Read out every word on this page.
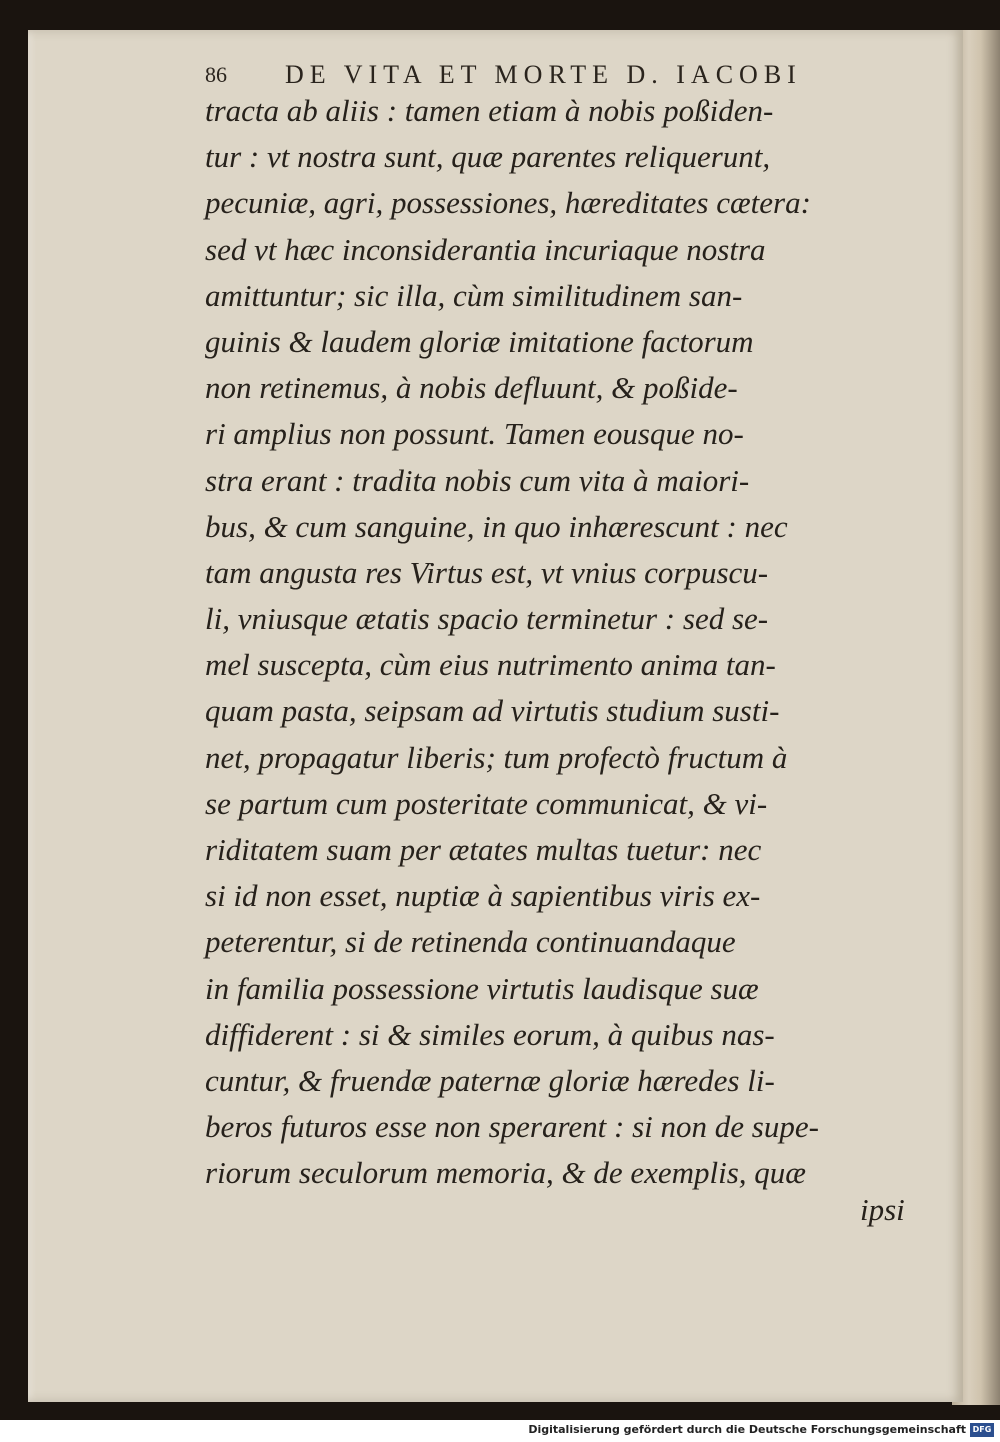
86 DE VITA ET MORTE D. IACOBI
tracta ab aliis : tamen etiam à nobis poßiden-
tur : vt nostra sunt, quæ parentes reliquerunt,
pecuniæ, agri, possessiones, hæreditates cætera:
sed vt hæc inconsiderantia incuriaque nostra
amittuntur; sic illa, cùm similitudinem san-
guinis & laudem gloriæ imitatione factorum
non retinemus, à nobis defluunt, & poßide-
ri amplius non possunt. Tamen eousque no-
stra erant : tradita nobis cum vita à maiori-
bus, & cum sanguine, in quo inhærescunt : nec
tam angusta res Virtus est, vt vnius corpuscu-
li, vniusque ætatis spacio terminetur : sed se-
mel suscepta, cùm eius nutrimento anima tan-
quam pasta, seipsam ad virtutis studium susti-
net, propagatur liberis; tum profectò fructum à
se partum cum posteritate communicat, & vi-
riditatem suam per ætates multas tuetur: nec
si id non esset, nuptiæ à sapientibus viris ex-
peterentur, si de retinenda continuandaque
in familia possessione virtutis laudisque suæ
diffiderent : si & similes eorum, à quibus nas-
cuntur, & fruendæ paternæ gloriæ hæredes li-
beros futuros esse non sperarent : si non de supe-
riorum seculorum memoria, & de exemplis, quæ
ipsi
Digitalisierung gefördert durch die Deutsche Forschungsgemeinschaft DFG
